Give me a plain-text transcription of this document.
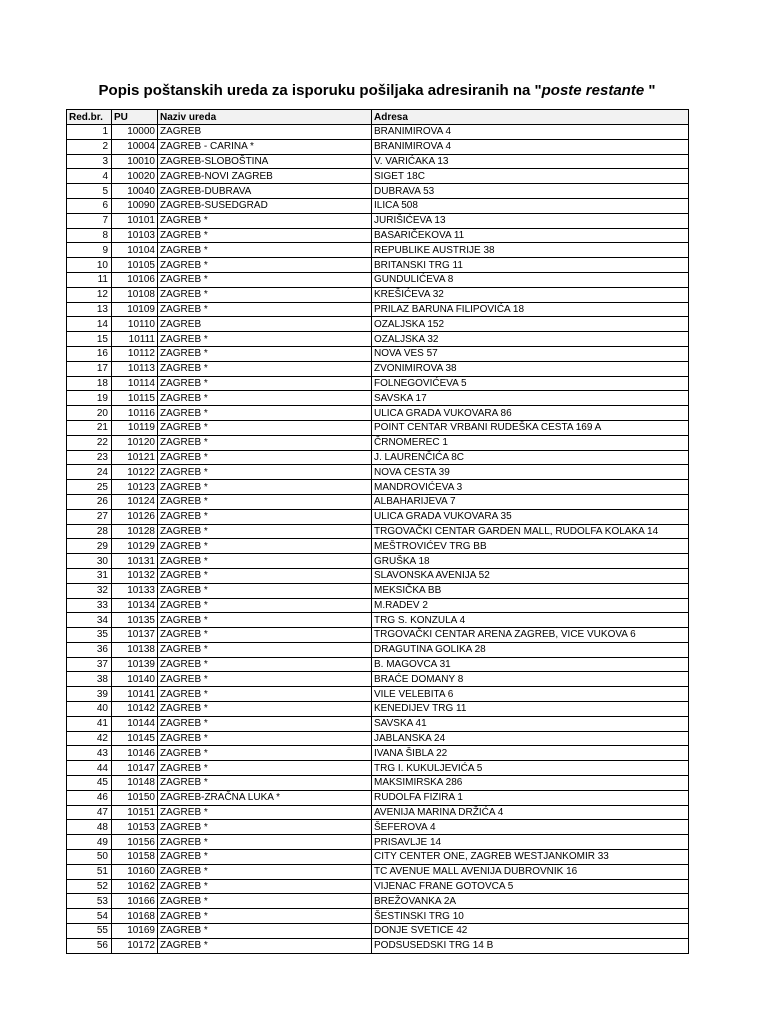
Popis poštanskih ureda za isporuku pošiljaka adresiranih na "poste restante "
Red.br.	PU	Naziv ureda	Adresa
1	10000	ZAGREB	BRANIMIROVA 4
2	10004	ZAGREB - CARINA *	BRANIMIROVA 4
3	10010	ZAGREB-SLOBOŠTINA	V. VARIĆAKA 13
4	10020	ZAGREB-NOVI ZAGREB	SIGET 18C
5	10040	ZAGREB-DUBRAVA	DUBRAVA 53
6	10090	ZAGREB-SUSEDGRAD	ILICA 508
7	10101	ZAGREB *	JURIŠIĆEVA 13
8	10103	ZAGREB *	BASARIČEKOVA 11
9	10104	ZAGREB *	REPUBLIKE AUSTRIJE 38
10	10105	ZAGREB *	BRITANSKI TRG 11
11	10106	ZAGREB *	GUNDULIĆEVA 8
12	10108	ZAGREB *	KREŠIĆEVA 32
13	10109	ZAGREB *	PRILAZ BARUNA FILIPOVIĆA 18
14	10110	ZAGREB	OZALJSKA 152
15	10111	ZAGREB *	OZALJSKA 32
16	10112	ZAGREB *	NOVA VES 57
17	10113	ZAGREB *	ZVONIMIROVA 38
18	10114	ZAGREB *	FOLNEGOVIĆEVA 5
19	10115	ZAGREB *	SAVSKA 17
20	10116	ZAGREB *	ULICA GRADA VUKOVARA 86
21	10119	ZAGREB *	POINT CENTAR VRBANI RUDEŠKA CESTA 169 A
22	10120	ZAGREB *	ČRNOMEREC 1
23	10121	ZAGREB *	J. LAURENČIĆA 8C
24	10122	ZAGREB *	NOVA CESTA 39
25	10123	ZAGREB *	MANDROVIĆEVA 3
26	10124	ZAGREB *	ALBAHARIJEVA 7
27	10126	ZAGREB *	ULICA GRADA VUKOVARA 35
28	10128	ZAGREB *	TRGOVAČKI CENTAR GARDEN MALL, RUDOLFA KOLAKA 14
29	10129	ZAGREB *	MEŠTROVIĆEV TRG BB
30	10131	ZAGREB *	GRUŠKA 18
31	10132	ZAGREB *	SLAVONSKA AVENIJA 52
32	10133	ZAGREB *	MEKSIČKA BB
33	10134	ZAGREB *	M.RADEV 2
34	10135	ZAGREB *	TRG S. KONZULA 4
35	10137	ZAGREB *	TRGOVAČKI CENTAR ARENA ZAGREB, VICE VUKOVA 6
36	10138	ZAGREB *	DRAGUTINA GOLIKA 28
37	10139	ZAGREB *	B. MAGOVCA 31
38	10140	ZAGREB *	BRAĆE DOMANY 8
39	10141	ZAGREB *	VILE VELEBITA 6
40	10142	ZAGREB *	KENEDIJEV TRG 11
41	10144	ZAGREB *	SAVSKA 41
42	10145	ZAGREB *	JABLANSKA 24
43	10146	ZAGREB *	IVANA ŠIBLA 22
44	10147	ZAGREB *	TRG I. KUKULJEVIĆA 5
45	10148	ZAGREB *	MAKSIMIRSKA 286
46	10150	ZAGREB-ZRAČNA LUKA *	RUDOLFA FIZIRA 1
47	10151	ZAGREB *	AVENIJA MARINA DRŽIĆA 4
48	10153	ZAGREB *	ŠEFEROVA 4
49	10156	ZAGREB *	PRISAVLJE 14
50	10158	ZAGREB *	CITY CENTER ONE, ZAGREB WESTJANKOMIR 33
51	10160	ZAGREB *	TC AVENUE MALL AVENIJA DUBROVNIK 16
52	10162	ZAGREB *	VIJENAC FRANE GOTOVCA 5
53	10166	ZAGREB *	BREŽOVANKA 2A
54	10168	ZAGREB *	ŠESTINSKI TRG 10
55	10169	ZAGREB *	DONJE SVETICE 42
56	10172	ZAGREB *	PODSUSEDSKI TRG 14 B
